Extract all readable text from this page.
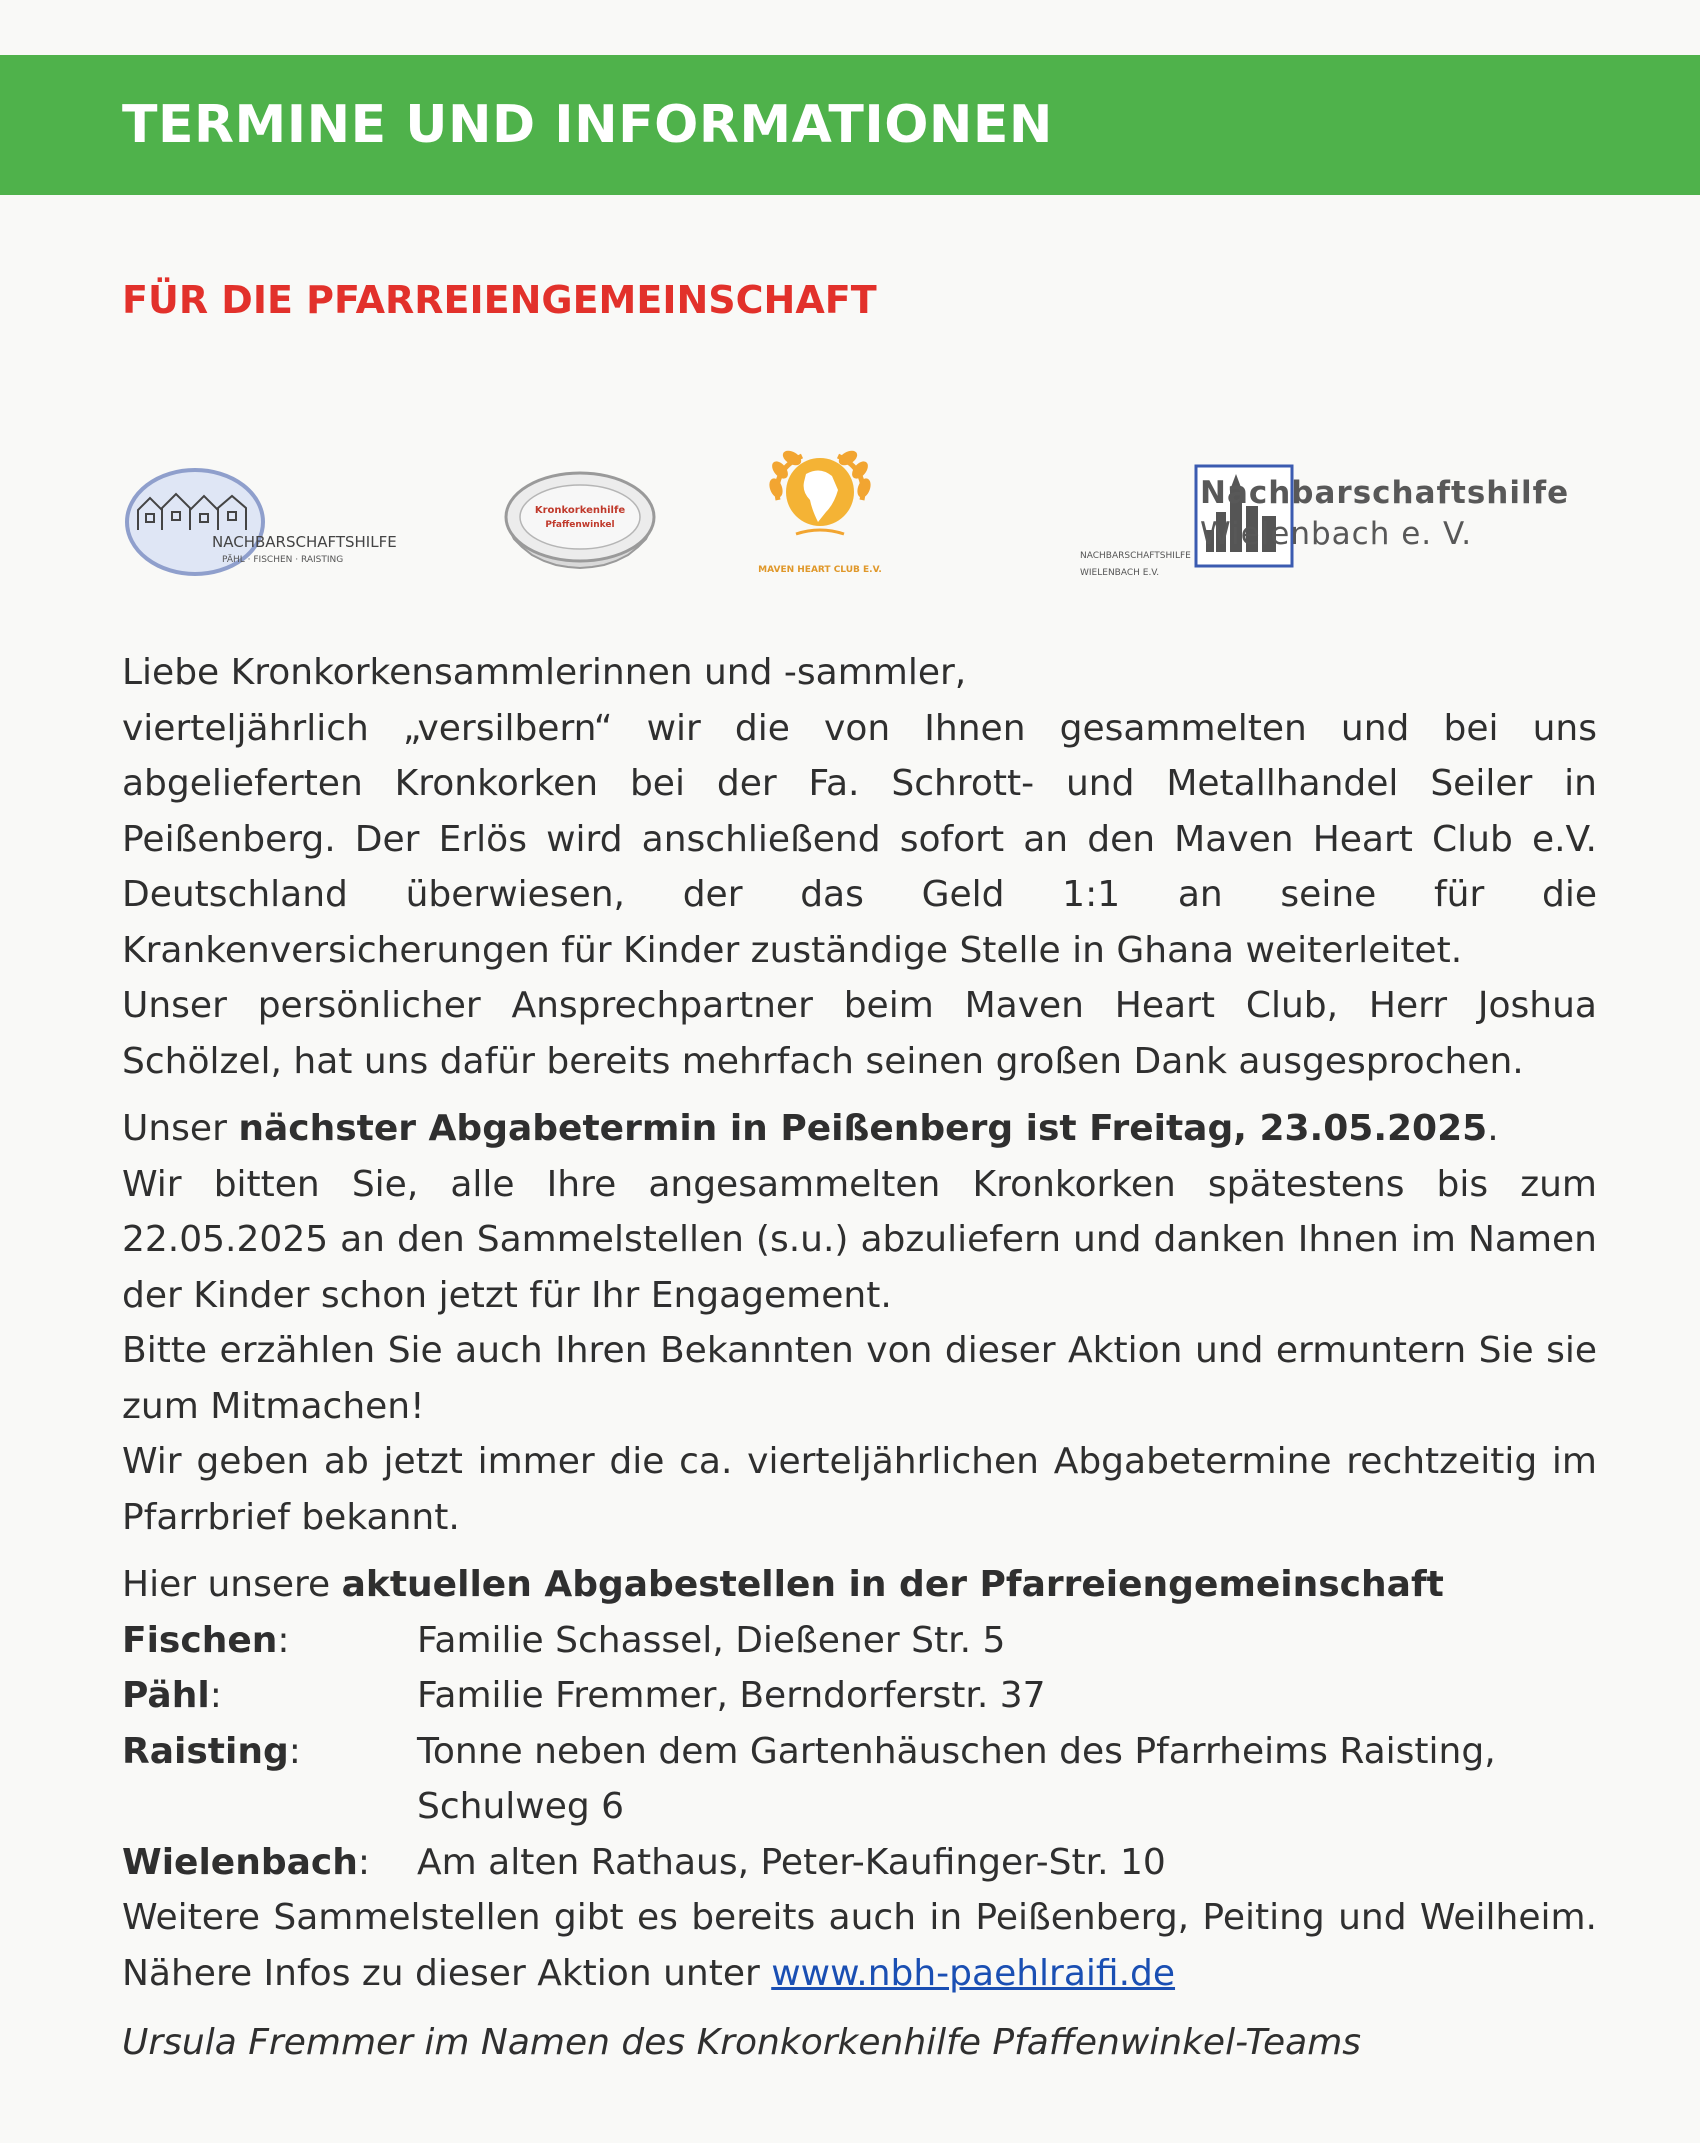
TERMINE UND INFORMATIONEN
FÜR DIE PFARREIENGEMEINSCHAFT
NACHBARSCHAFTSHILFE
PÄHL · FISCHEN · RAISTING
Kronkorkenhilfe
Pfaffenwinkel
MAVEN HEART CLUB E.V.
NACHBARSCHAFTSHILFE
WIELENBACH E.V.
Nachbarschaftshilfe
Wielenbach e. V.

Liebe Kronkorkensammlerinnen und -sammler,

vierteljährlich „versilbern“ wir die von Ihnen gesammelten und bei uns abgelieferten Kronkorken bei der Fa. Schrott- und Metallhandel Seiler in Peißenberg. Der Erlös wird anschließend sofort an den Maven Heart Club e.V. Deutschland überwiesen, der das Geld 1:1 an seine für die Krankenversicherungen für Kinder zuständige Stelle in Ghana weiterleitet.

Unser persönlicher Ansprechpartner beim Maven Heart Club, Herr Joshua Schölzel, hat uns dafür bereits mehrfach seinen großen Dank ausgesprochen.

Unser nächster Abgabetermin in Peißenberg ist Freitag, 23.05.2025.

Wir bitten Sie, alle Ihre angesammelten Kronkorken spätestens bis zum 22.05.2025 an den Sammelstellen (s.u.) abzuliefern und danken Ihnen im Namen der Kinder schon jetzt für Ihr Engagement.

Bitte erzählen Sie auch Ihren Bekannten von dieser Aktion und ermuntern Sie sie zum Mitmachen!

Wir geben ab jetzt immer die ca. vierteljährlichen Abgabetermine rechtzeitig im Pfarrbrief bekannt.

Hier unsere aktuellen Abgabestellen in der Pfarreiengemeinschaft

Fischen:	Familie Schassel, Dießener Str. 5
Pähl:	Familie Fremmer, Berndorferstr. 37
Raisting:	Tonne neben dem Gartenhäuschen des Pfarrheims Raisting, Schulweg 6
Wielenbach:	Am alten Rathaus, Peter-Kaufinger-Str. 10

Weitere Sammelstellen gibt es bereits auch in Peißenberg, Peiting und Weilheim. Nähere Infos zu dieser Aktion unter www.nbh-paehlraifi.de

Ursula Fremmer im Namen des Kronkorkenhilfe Pfaffenwinkel-Teams
